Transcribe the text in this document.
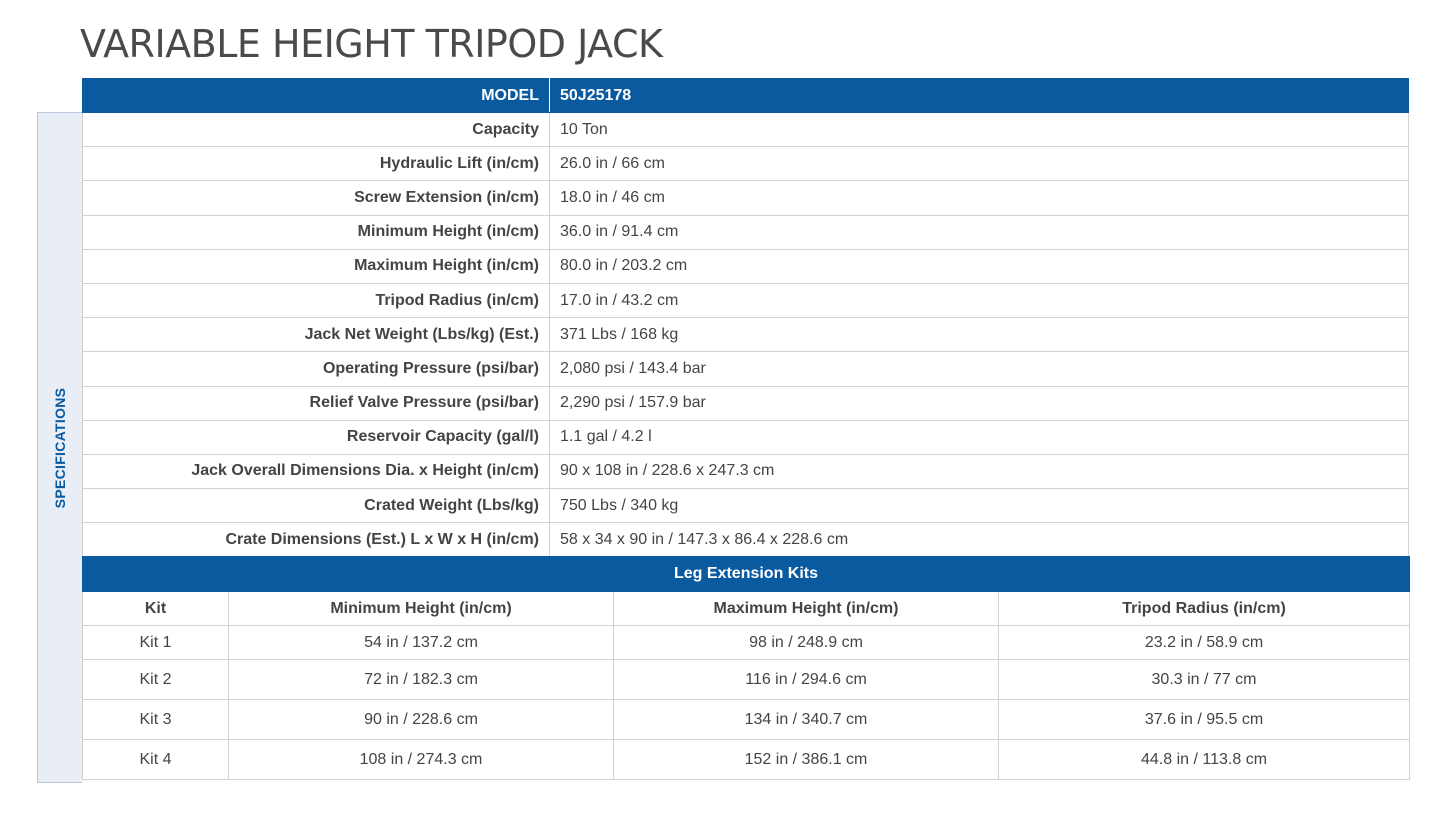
VARIABLE HEIGHT TRIPOD JACK
SPECIFICATIONS
MODEL	50J25178
Capacity	10 Ton
Hydraulic Lift (in/cm)	26.0 in / 66 cm
Screw Extension (in/cm)	18.0 in / 46 cm
Minimum Height (in/cm)	36.0 in / 91.4 cm
Maximum Height (in/cm)	80.0 in / 203.2 cm
Tripod Radius (in/cm)	17.0 in / 43.2 cm
Jack Net Weight (Lbs/kg) (Est.)	371 Lbs / 168 kg
Operating Pressure (psi/bar)	2,080 psi / 143.4 bar
Relief Valve Pressure (psi/bar)	2,290 psi / 157.9 bar
Reservoir Capacity (gal/l)	1.1 gal / 4.2 l
Jack Overall Dimensions Dia. x Height (in/cm)	90 x 108 in / 228.6 x 247.3 cm
Crated Weight (Lbs/kg)	750 Lbs / 340 kg
Crate Dimensions (Est.) L x W x H (in/cm)	58 x 34 x 90 in / 147.3 x 86.4 x 228.6 cm
Leg Extension Kits			
Kit	Minimum Height (in/cm)	Maximum Height (in/cm)	Tripod Radius (in/cm)
Kit 1	54 in / 137.2 cm	98 in / 248.9 cm	23.2 in / 58.9 cm
Kit 2	72 in / 182.3 cm	116 in / 294.6 cm	30.3 in / 77 cm
Kit 3	90 in / 228.6 cm	134 in / 340.7 cm	37.6 in / 95.5 cm
Kit 4	108 in / 274.3 cm	152 in / 386.1 cm	44.8 in / 113.8 cm
